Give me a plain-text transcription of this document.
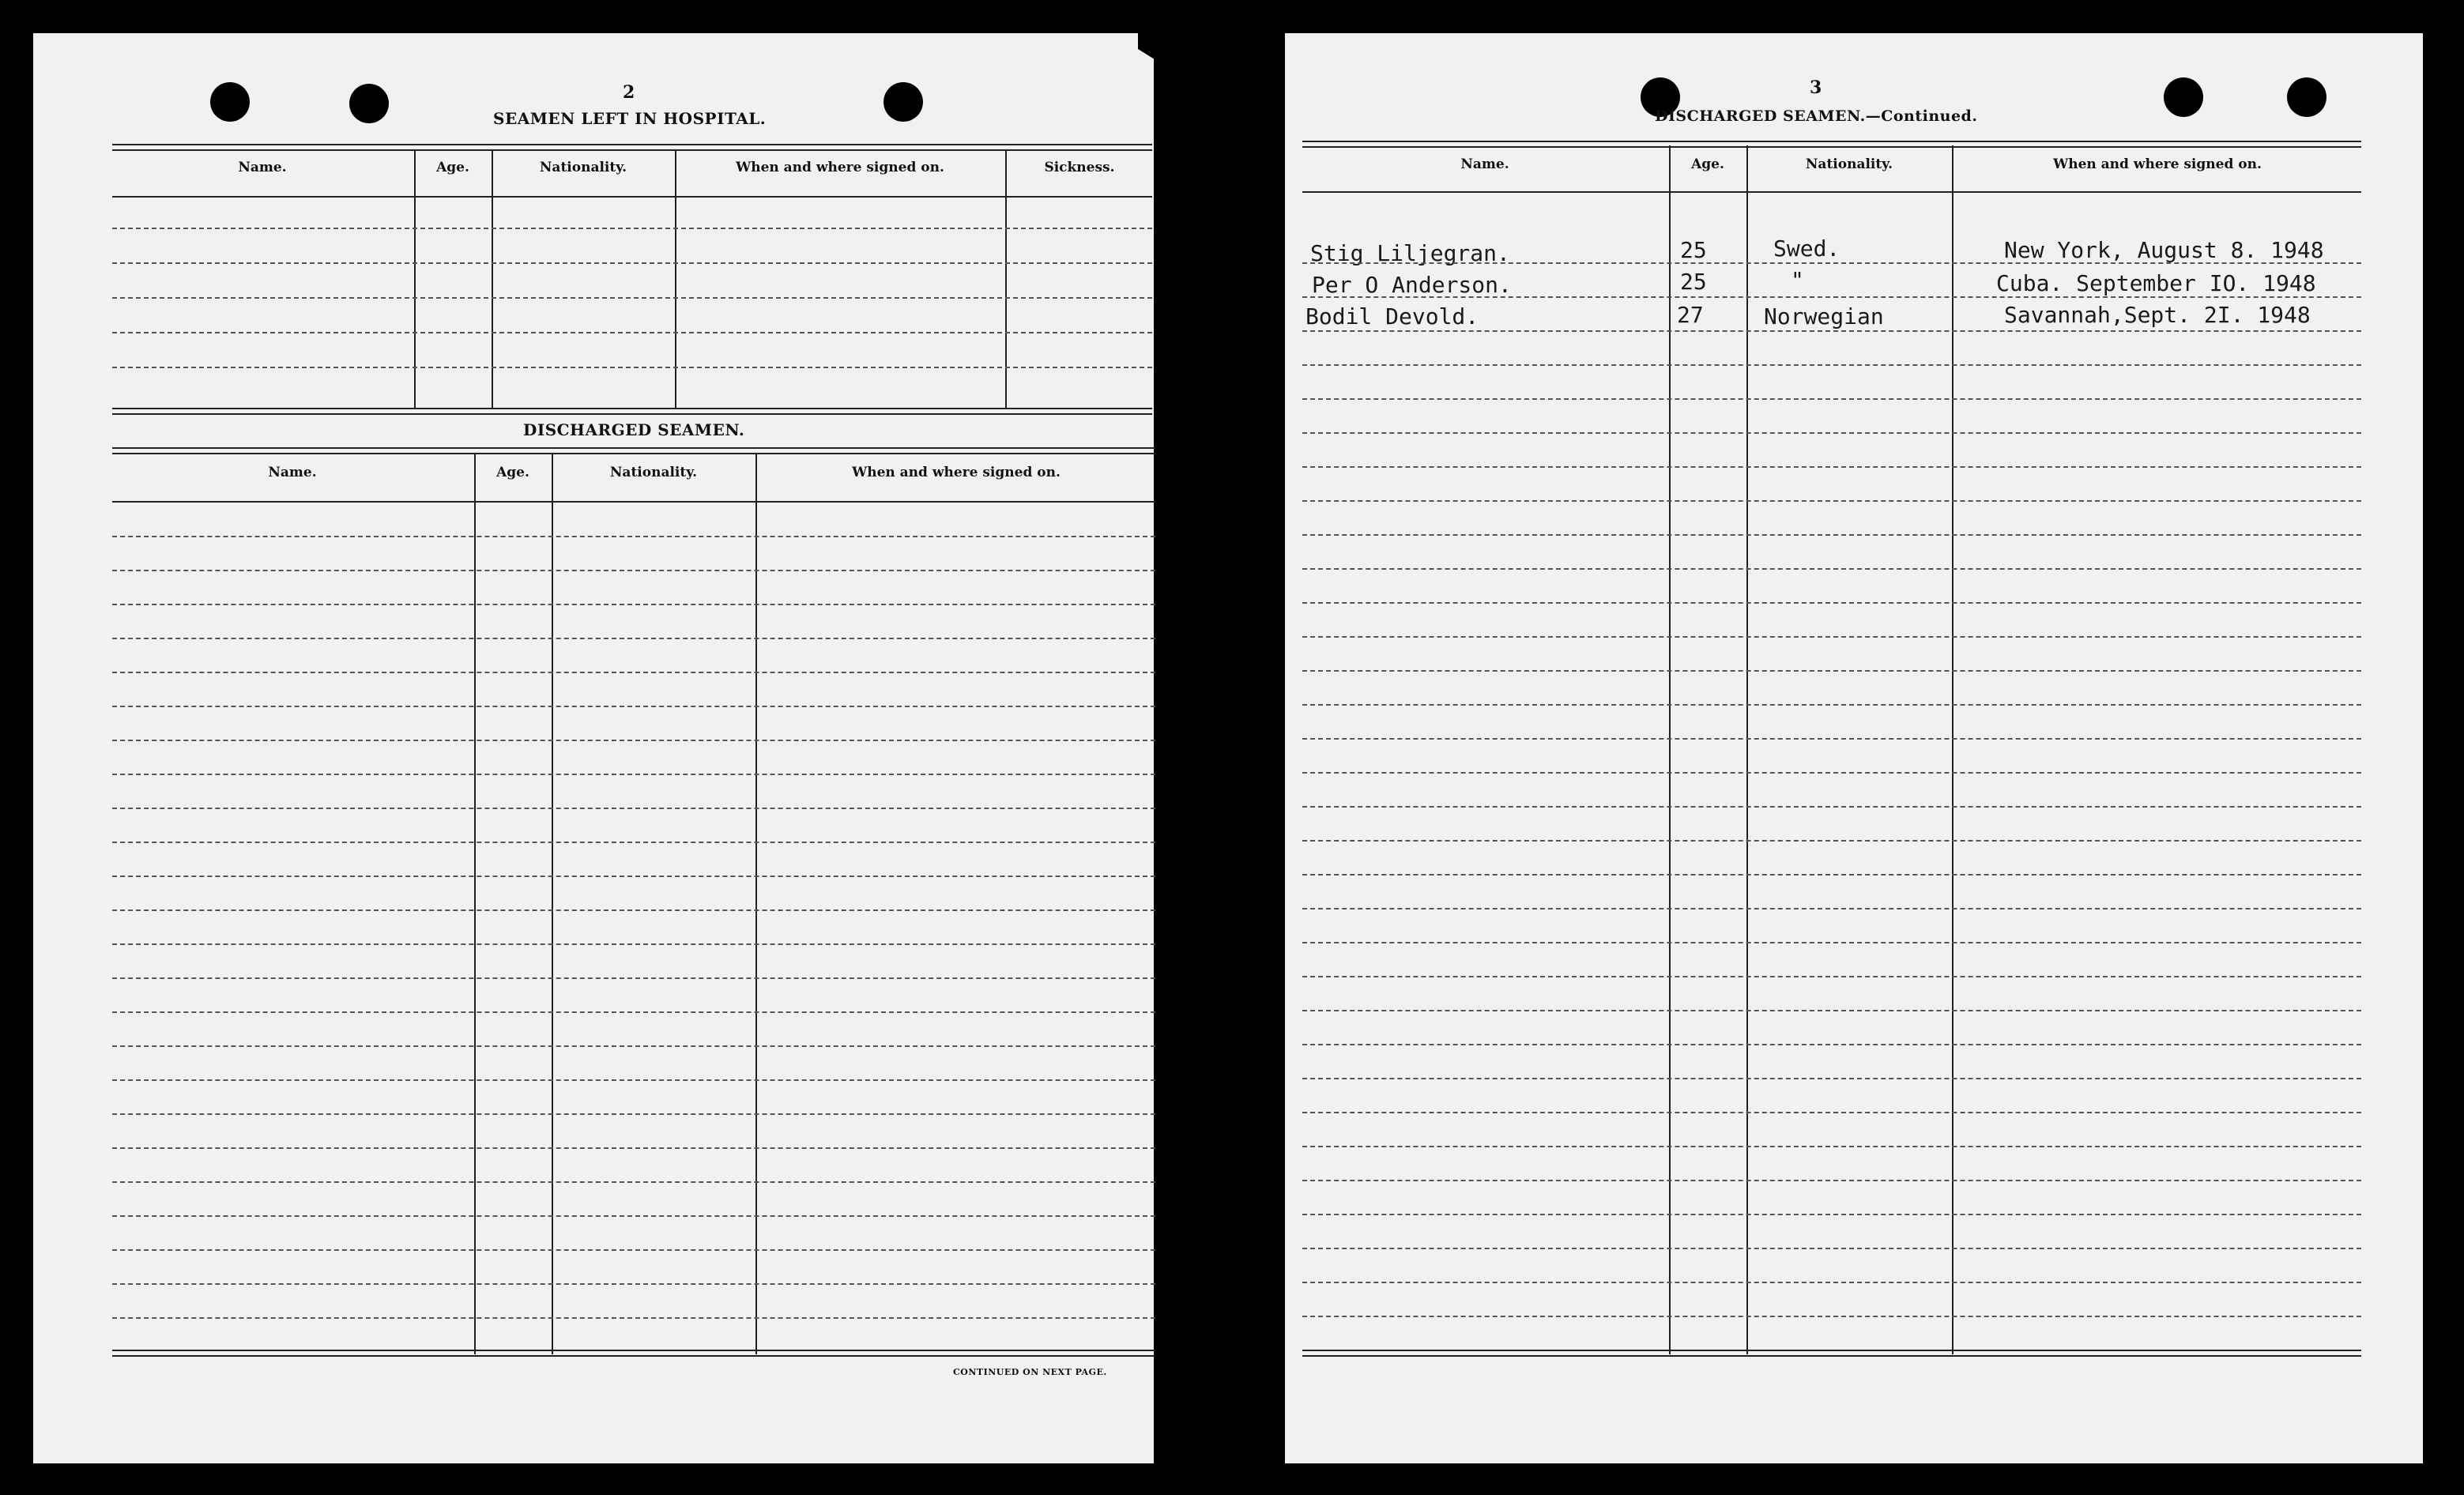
2
SEAMEN LEFT IN HOSPITAL.
Name.	Age.	Nationality.	When and where signed on.	Sickness.
DISCHARGED SEAMEN.
Name.	Age.	Nationality.	When and where signed on.
CONTINUED ON NEXT PAGE.
3
DISCHARGED SEAMEN.—Continued.
Name.	Age.	Nationality.	When and where signed on.
Stig Liljegran.	25	Swed.	New York, August 8. 1948
Per O Anderson.	25	"	Cuba. September IO. 1948
Bodil Devold.	27	Norwegian	Savannah,Sept. 2I. 1948
